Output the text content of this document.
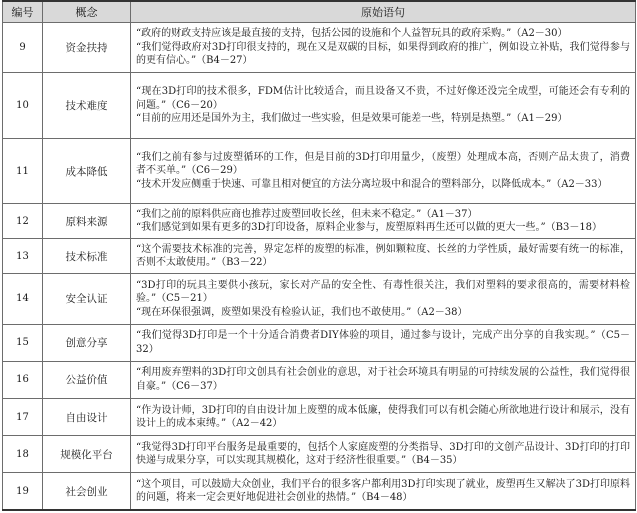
编号	概念	原始语句
9	资金扶持	“政府的财政支持应该是最直接的支持，包括公园的设施和个人益智玩具的政府采购。”（A2－30）

“我们觉得政府对3D打印很支持的，现在又是双碳的目标，如果得到政府的推广，例如设立补贴，我们觉得参与的更有信心。”（B4－27）

10	技术难度	“现在3D打印的技术很多，FDM估计比较适合，而且设备又不贵，不过好像还没完全成型，可能还会有专利的问题。”（C6－20）

“目前的应用还是国外为主，我们做过一些实验，但是效果可能差一些，特别是热塑。”（A1－29）

11	成本降低	“我们之前有参与过废塑循环的工作，但是目前的3D打印用量少，（废塑）处理成本高，否则产品太贵了，消费者不买单。”（C6－29）

“技术开发应侧重于快速、可靠且相对便宜的方法分离垃圾中和混合的塑料部分，以降低成本。”（A2－33）

12	原料来源	“我们之前的原料供应商也推荐过废塑回收长丝，但未来不稳定。”（A1－37）

“我们感觉到如果有更多的3D打印设备，原料企业参与，废塑原料再生还可以做的更大一些。”（B3－18）

13	技术标准	“这个需要技术标准的完善，界定怎样的废塑的标准，例如颗粒度、长丝的力学性质，最好需要有统一的标准，否则不太敢使用。”（B3－22）

14	安全认证	“3D打印的玩具主要供小孩玩，家长对产品的安全性、有毒性很关注，我们对塑料的要求很高的，需要材料检验。”（C5－21）

“现在环保很强调，废塑如果没有检验认证，我们也不敢使用。”（A2－38）

15	创意分享	“我们觉得3D打印是一个十分适合消费者DIY体验的项目，通过参与设计，完成产出分享的自我实现。”（C5－32）

16	公益价值	“利用废弃塑料的3D打印文创具有社会创业的意思，对于社会环境具有明显的可持续发展的公益性，我们觉得很自豪。”（C6－37）

17	自由设计	“作为设计师，3D打印的自由设计加上废塑的成本低廉，使得我们可以有机会随心所欲地进行设计和展示，没有设计上的成本束缚。”（A2－42）

18	规模化平台	“我觉得3D打印平台服务是最重要的，包括个人家庭废塑的分类指导、3D打印的文创产品设计、3D打印的打印快递与成果分享，可以实现其规模化，这对于经济性很重要。”（B4－35）

19	社会创业	“这个项目，可以鼓励大众创业，我们平台的很多客户都利用3D打印实现了就业，废塑再生又解决了3D打印原料的问题，将来一定会更好地促进社会创业的热情。”（B4－48）
